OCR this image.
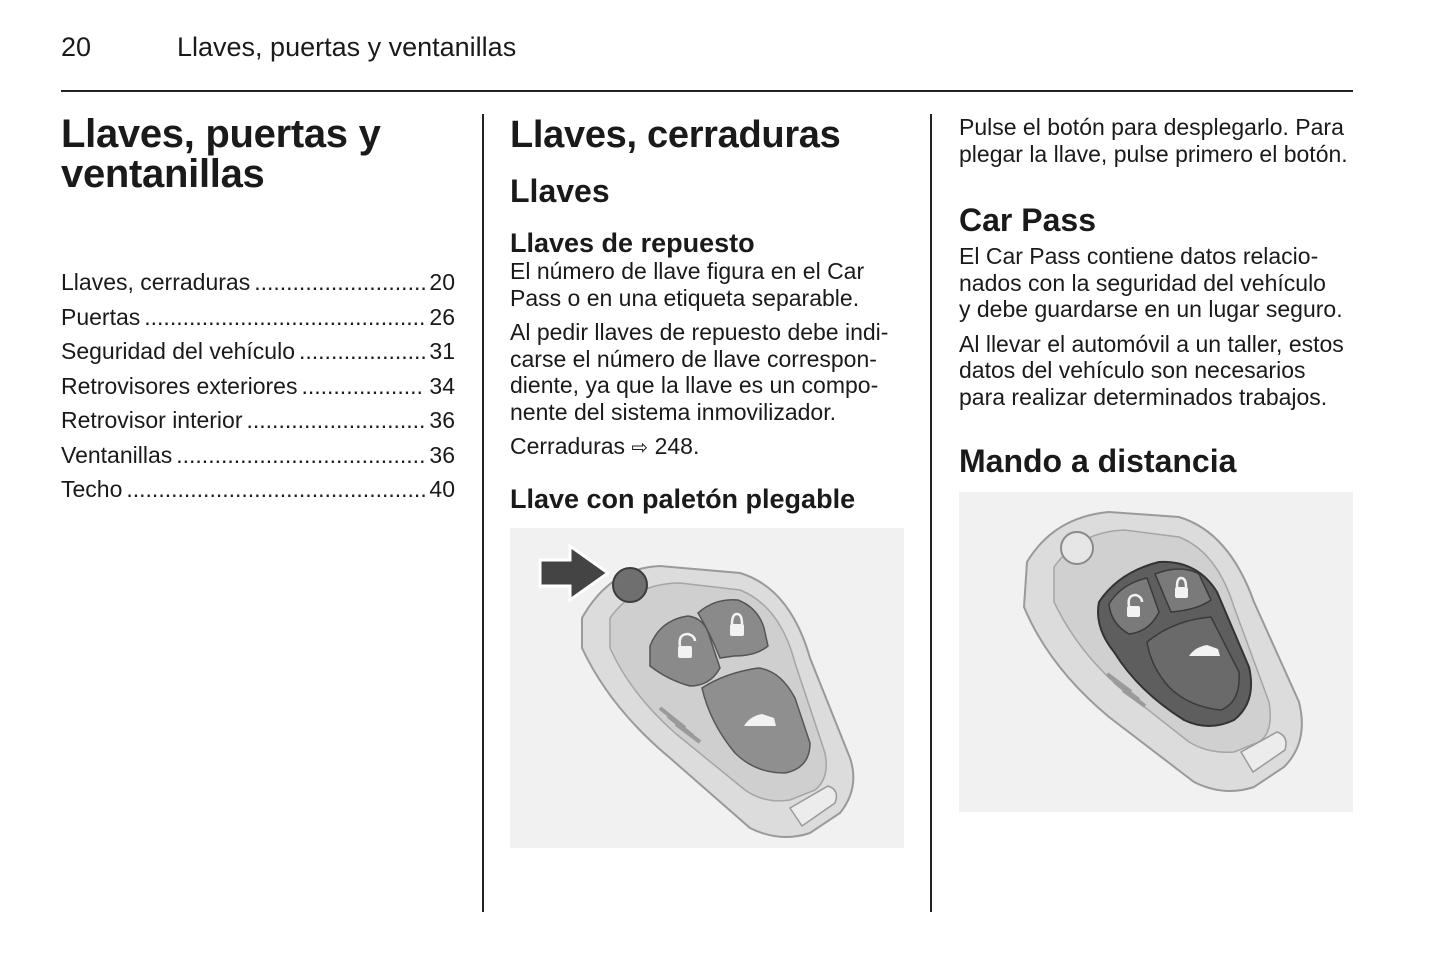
20	Llaves, puertas y ventanillas
Llaves, puertas y
ventanillas
Llaves, cerraduras .....	20
Puertas .....	26
Seguridad del vehículo .....	31
Retrovisores exteriores .....	34
Retrovisor interior .....	36
Ventanillas .....	36
Techo .....	40
Llaves, cerraduras
Llaves
Llaves de repuesto

El número de llave figura en el Car
Pass o en una etiqueta separable.

Al pedir llaves de repuesto debe indi-
carse el número de llave correspon-
diente, ya que la llave es un compo-
nente del sistema inmovilizador.

Cerraduras ⇨ 248.

Llave con paletón plegable

Pulse el botón para desplegarlo. Para
plegar la llave, pulse primero el botón.

Car Pass

El Car Pass contiene datos relacio-
nados con la seguridad del vehículo
y debe guardarse en un lugar seguro.

Al llevar el automóvil a un taller, estos
datos del vehículo son necesarios
para realizar determinados trabajos.

Mando a distancia
